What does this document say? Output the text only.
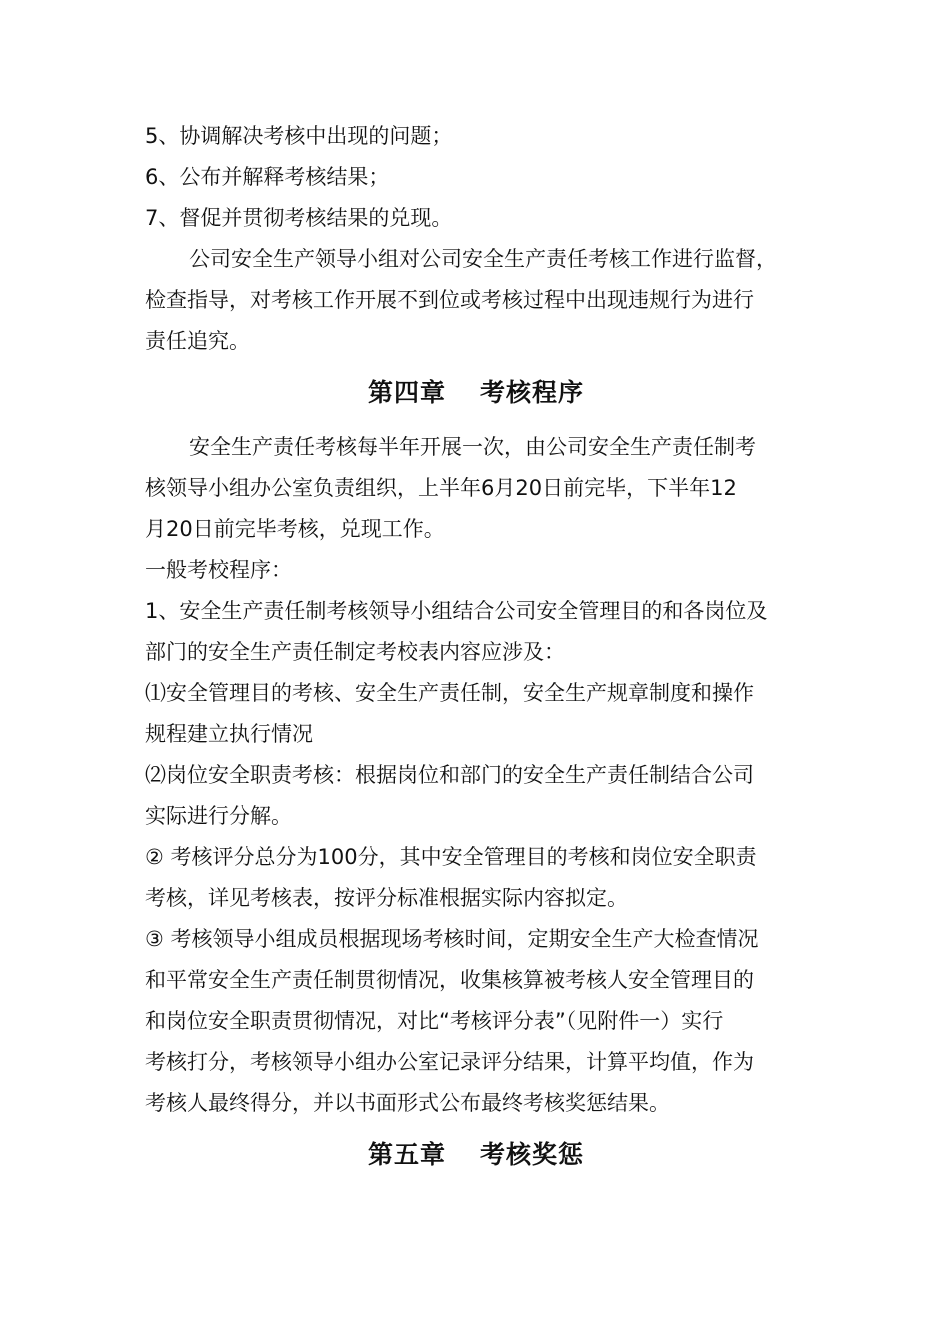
5、协调解决考核中出现的问题；
6、公布并解释考核结果；
7、督促并贯彻考核结果的兑现。
公司安全生产领导小组对公司安全生产责任考核工作进行监督，
检查指导，对考核工作开展不到位或考核过程中出现违规行为进行
责任追究。
第四章 考核程序
安全生产责任考核每半年开展一次，由公司安全生产责任制考
核领导小组办公室负责组织，上半年6月20日前完毕，下半年12
月20日前完毕考核，兑现工作。
一般考校程序：
1、安全生产责任制考核领导小组结合公司安全管理目的和各岗位及
部门的安全生产责任制定考校表内容应涉及：
⑴安全管理目的考核、安全生产责任制，安全生产规章制度和操作
规程建立执行情况
⑵岗位安全职责考核：根据岗位和部门的安全生产责任制结合公司
实际进行分解。
② 考核评分总分为100分，其中安全管理目的考核和岗位安全职责
考核，详见考核表，按评分标准根据实际内容拟定。
③ 考核领导小组成员根据现场考核时间，定期安全生产大检查情况
和平常安全生产责任制贯彻情况，收集核算被考核人安全管理目的
和岗位安全职责贯彻情况，对比“考核评分表”（见附件一）实行
考核打分，考核领导小组办公室记录评分结果，计算平均值，作为
考核人最终得分，并以书面形式公布最终考核奖惩结果。
第五章 考核奖惩
